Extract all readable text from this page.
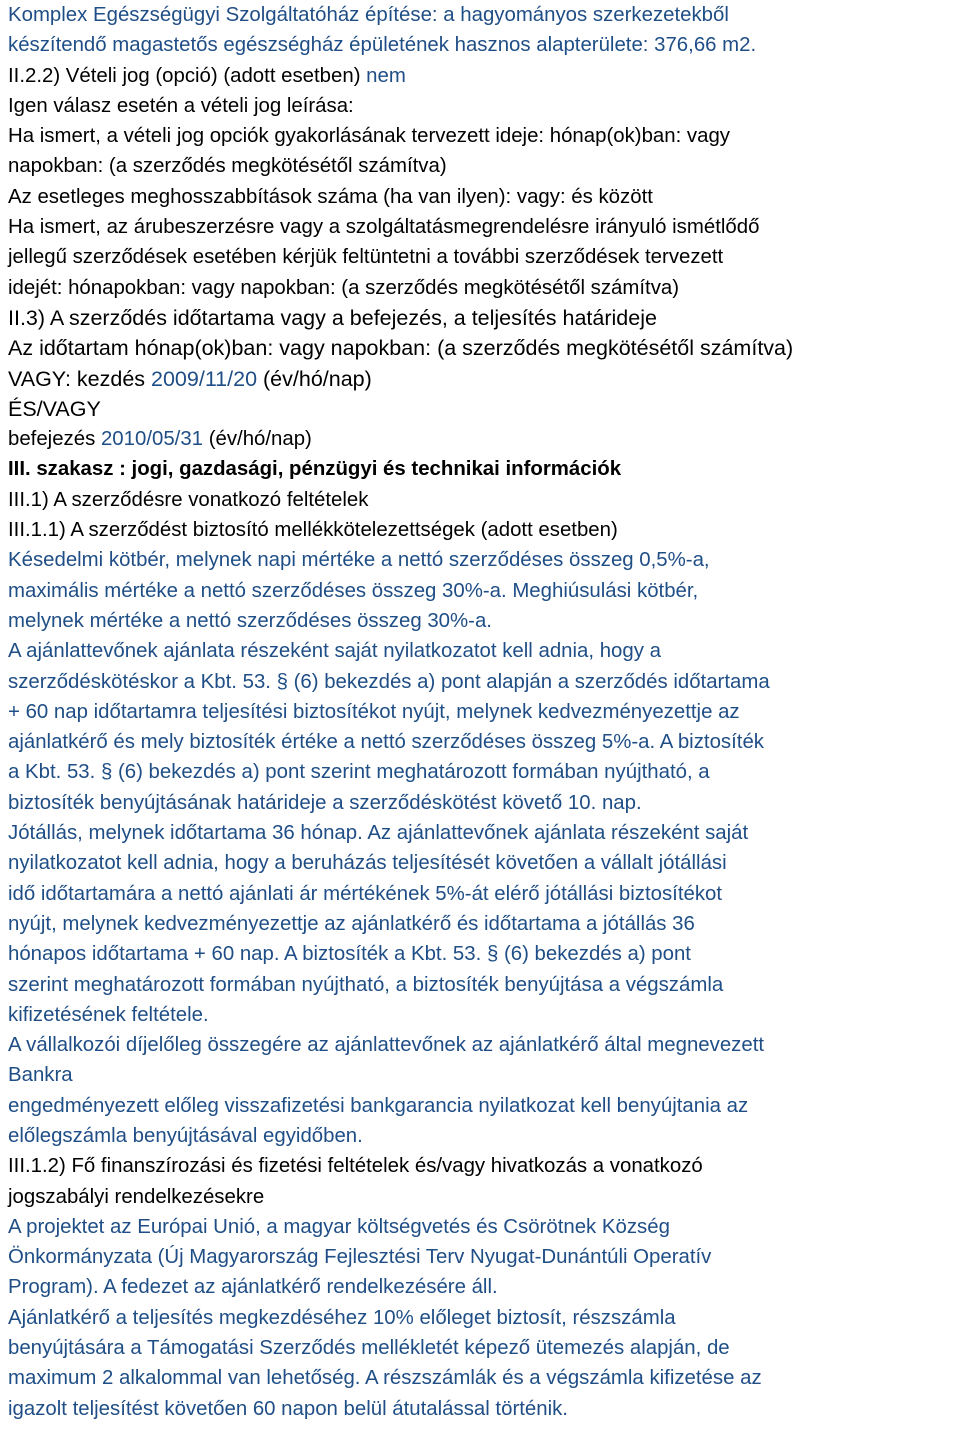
Komplex Egészségügyi Szolgáltatóház építése: a hagyományos szerkezetekből
készítendő magastetős egészségház épületének hasznos alapterülete: 376,66 m2.
II.2.2) Vételi jog (opció) (adott esetben) nem
Igen válasz esetén a vételi jog leírása:
Ha ismert, a vételi jog opciók gyakorlásának tervezett ideje: hónap(ok)ban: vagy
napokban: (a szerződés megkötésétől számítva)
Az esetleges meghosszabbítások száma (ha van ilyen): vagy: és között
Ha ismert, az árubeszerzésre vagy a szolgáltatásmegrendelésre irányuló ismétlődő
jellegű szerződések esetében kérjük feltüntetni a további szerződések tervezett
idejét: hónapokban: vagy napokban: (a szerződés megkötésétől számítva)
II.3) A szerződés időtartama vagy a befejezés, a teljesítés határideje
Az időtartam hónap(ok)ban: vagy napokban: (a szerződés megkötésétől számítva)
VAGY: kezdés 2009/11/20 (év/hó/nap)
ÉS/VAGY
befejezés 2010/05/31 (év/hó/nap)
III. szakasz : jogi, gazdasági, pénzügyi és technikai információk
III.1) A szerződésre vonatkozó feltételek
III.1.1) A szerződést biztosító mellékkötelezettségek (adott esetben)
Késedelmi kötbér, melynek napi mértéke a nettó szerződéses összeg 0,5%-a,
maximális mértéke a nettó szerződéses összeg 30%-a. Meghiúsulási kötbér,
melynek mértéke a nettó szerződéses összeg 30%-a.
A ajánlattevőnek ajánlata részeként saját nyilatkozatot kell adnia, hogy a
szerződéskötéskor a Kbt. 53. § (6) bekezdés a) pont alapján a szerződés időtartama
+ 60 nap időtartamra teljesítési biztosítékot nyújt, melynek kedvezményezettje az
ajánlatkérő és mely biztosíték értéke a nettó szerződéses összeg 5%-a. A biztosíték
a Kbt. 53. § (6) bekezdés a) pont szerint meghatározott formában nyújtható, a
biztosíték benyújtásának határideje a szerződéskötést követő 10. nap.
Jótállás, melynek időtartama 36 hónap. Az ajánlattevőnek ajánlata részeként saját
nyilatkozatot kell adnia, hogy a beruházás teljesítését követően a vállalt jótállási
idő időtartamára a nettó ajánlati ár mértékének 5%-át elérő jótállási biztosítékot
nyújt, melynek kedvezményezettje az ajánlatkérő és időtartama a jótállás 36
hónapos időtartama + 60 nap. A biztosíték a Kbt. 53. § (6) bekezdés a) pont
szerint meghatározott formában nyújtható, a biztosíték benyújtása a végszámla
kifizetésének feltétele.
A vállalkozói díjelőleg összegére az ajánlattevőnek az ajánlatkérő által megnevezett
Bankra
engedményezett előleg visszafizetési bankgarancia nyilatkozat kell benyújtania az
előlegszámla benyújtásával egyidőben.
III.1.2) Fő finanszírozási és fizetési feltételek és/vagy hivatkozás a vonatkozó
jogszabályi rendelkezésekre
A projektet az Európai Unió, a magyar költségvetés és Csörötnek Község
Önkormányzata (Új Magyarország Fejlesztési Terv Nyugat-Dunántúli Operatív
Program). A fedezet az ajánlatkérő rendelkezésére áll.
Ajánlatkérő a teljesítés megkezdéséhez 10% előleget biztosít, részszámla
benyújtására a Támogatási Szerződés mellékletét képező ütemezés alapján, de
maximum 2 alkalommal van lehetőség. A részszámlák és a végszámla kifizetése az
igazolt teljesítést követően 60 napon belül átutalással történik.
